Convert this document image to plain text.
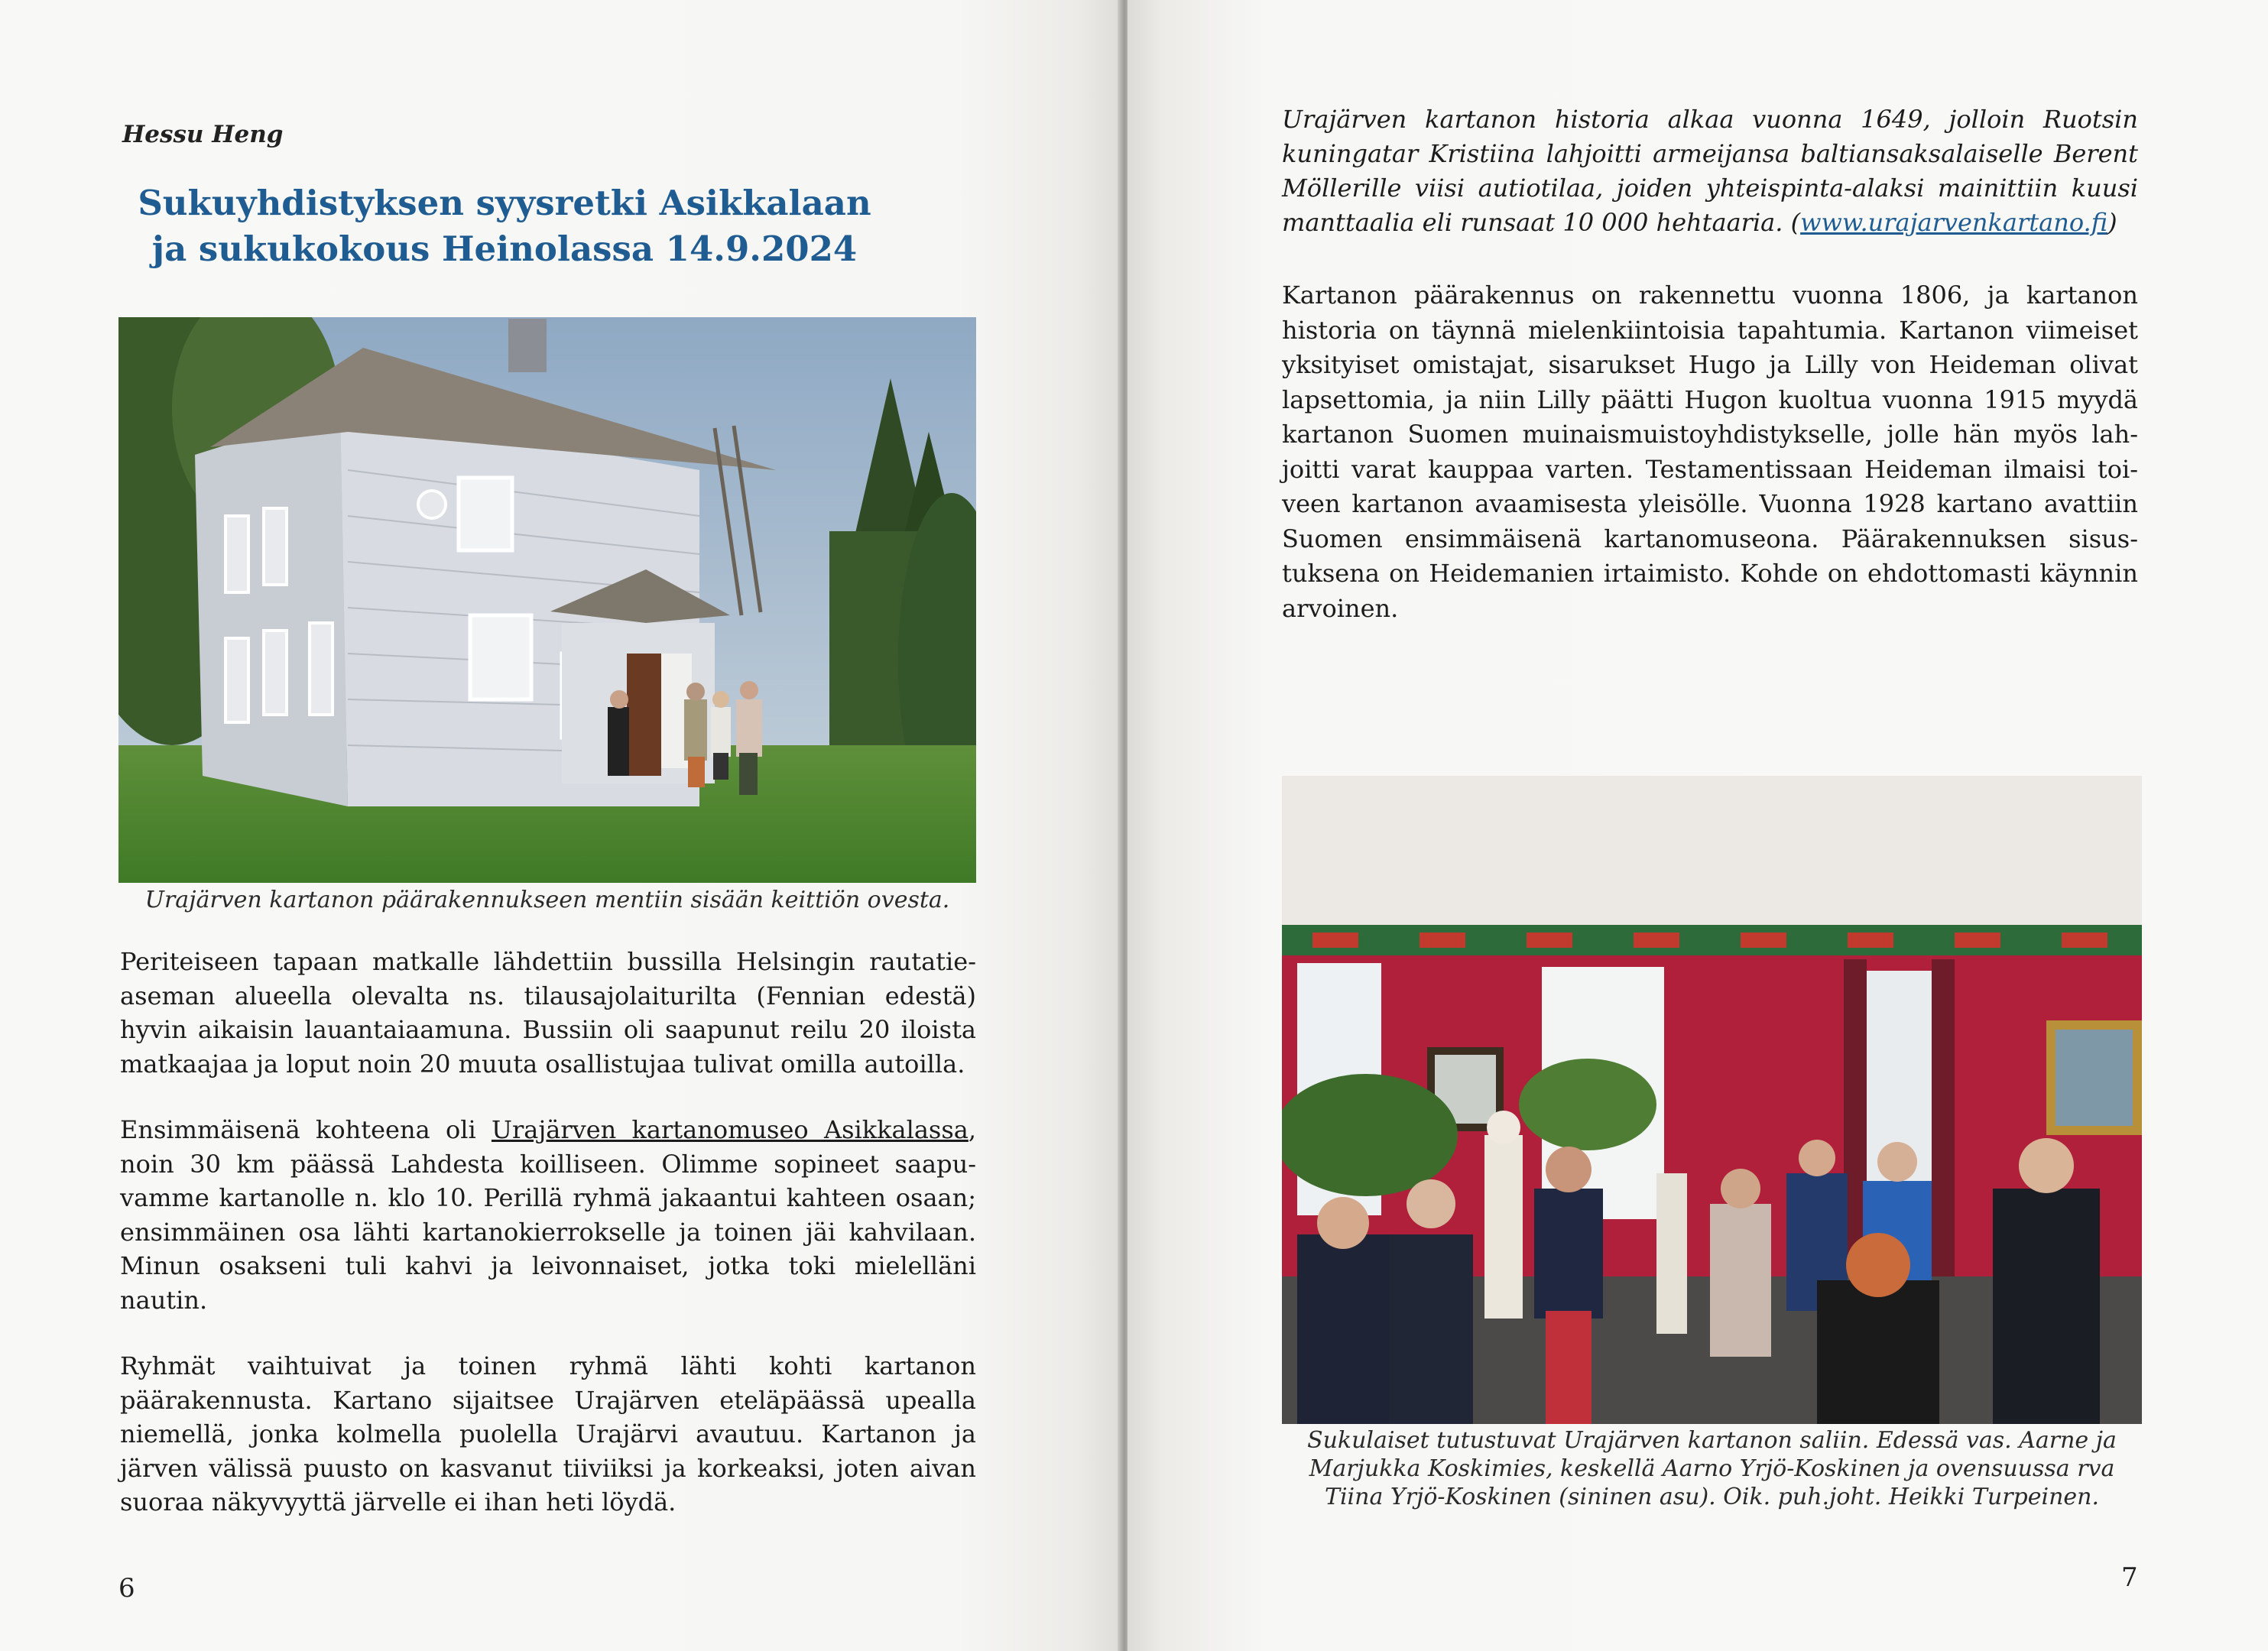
Hessu Heng
Sukuyhdistyksen syysretki Asikkalaan
ja sukukokous Heinolassa 14.9.2024
Urajärven kartanon päärakennukseen mentiin sisään keittiön ovesta.

Periteiseen tapaan matkalle lähdettiin bussilla Helsingin rautatieaseman alueella olevalta ns. tilausajolaiturilta (Fennian edestä) hyvin aikaisin lauantaiaamuna. Bussiin oli saapunut reilu 20 iloista matkaajaa ja loput noin 20 muuta osallistujaa tulivat omilla autoilla.

Ensimmäisenä kohteena oli Urajärven kartanomuseo Asikkalassa, noin 30 km päässä Lahdesta koilliseen. Olimme sopineet saapuvamme kartanolle n. klo 10. Perillä ryhmä jakaantui kahteen osaan; ensimmäinen osa lähti kartanokierrokselle ja toinen jäi kahvilaan. Minun osakseni tuli kahvi ja leivonnaiset, jotka toki mielelläni nautin.

Ryhmät vaihtuivat ja toinen ryhmä lähti kohti kartanon päärakennusta. Kartano sijaitsee Urajärven eteläpäässä upealla niemellä, jonka kolmella puolella Urajärvi avautuu. Kartanon ja järven välissä puusto on kasvanut tiiviiksi ja korkeaksi, joten aivan suoraa näkyvyyttä järvelle ei ihan heti löydä.

6
Urajärven kartanon historia alkaa vuonna 1649, jolloin Ruotsin kuningatar Kristiina lahjoitti armeijansa baltiansaksalaiselle Berent Möllerille viisi autiotilaa, joiden yhteispinta-alaksi mainittiin kuusi manttaalia eli runsaat 10 000 hehtaaria. (www.urajarvenkartano.fi)

Kartanon päärakennus on rakennettu vuonna 1806, ja kartanon historia on täynnä mielenkiintoisia tapahtumia. Kartanon viimeiset yksityiset omistajat, sisarukset Hugo ja Lilly von Heideman olivat lapsettomia, ja niin Lilly päätti Hugon kuoltua vuonna 1915 myydä kartanon Suomen muinaismuistoyhdistykselle, jolle hän myös lahjoitti varat kauppaa varten. Testamentissaan Heideman ilmaisi toiveen kartanon avaamisesta yleisölle. Vuonna 1928 kartano avattiin Suomen ensimmäisenä kartanomuseona. Päärakennuksen sisustuksena on Heidemanien irtaimisto. Kohde on ehdottomasti käynnin arvoinen.

Sukulaiset tutustuvat Urajärven kartanon saliin. Edessä vas. Aarne ja Marjukka Koskimies, keskellä Aarno Yrjö-Koskinen ja ovensuussa rva Tiina Yrjö-Koskinen (sininen asu). Oik. puh.joht. Heikki Turpeinen.
7
